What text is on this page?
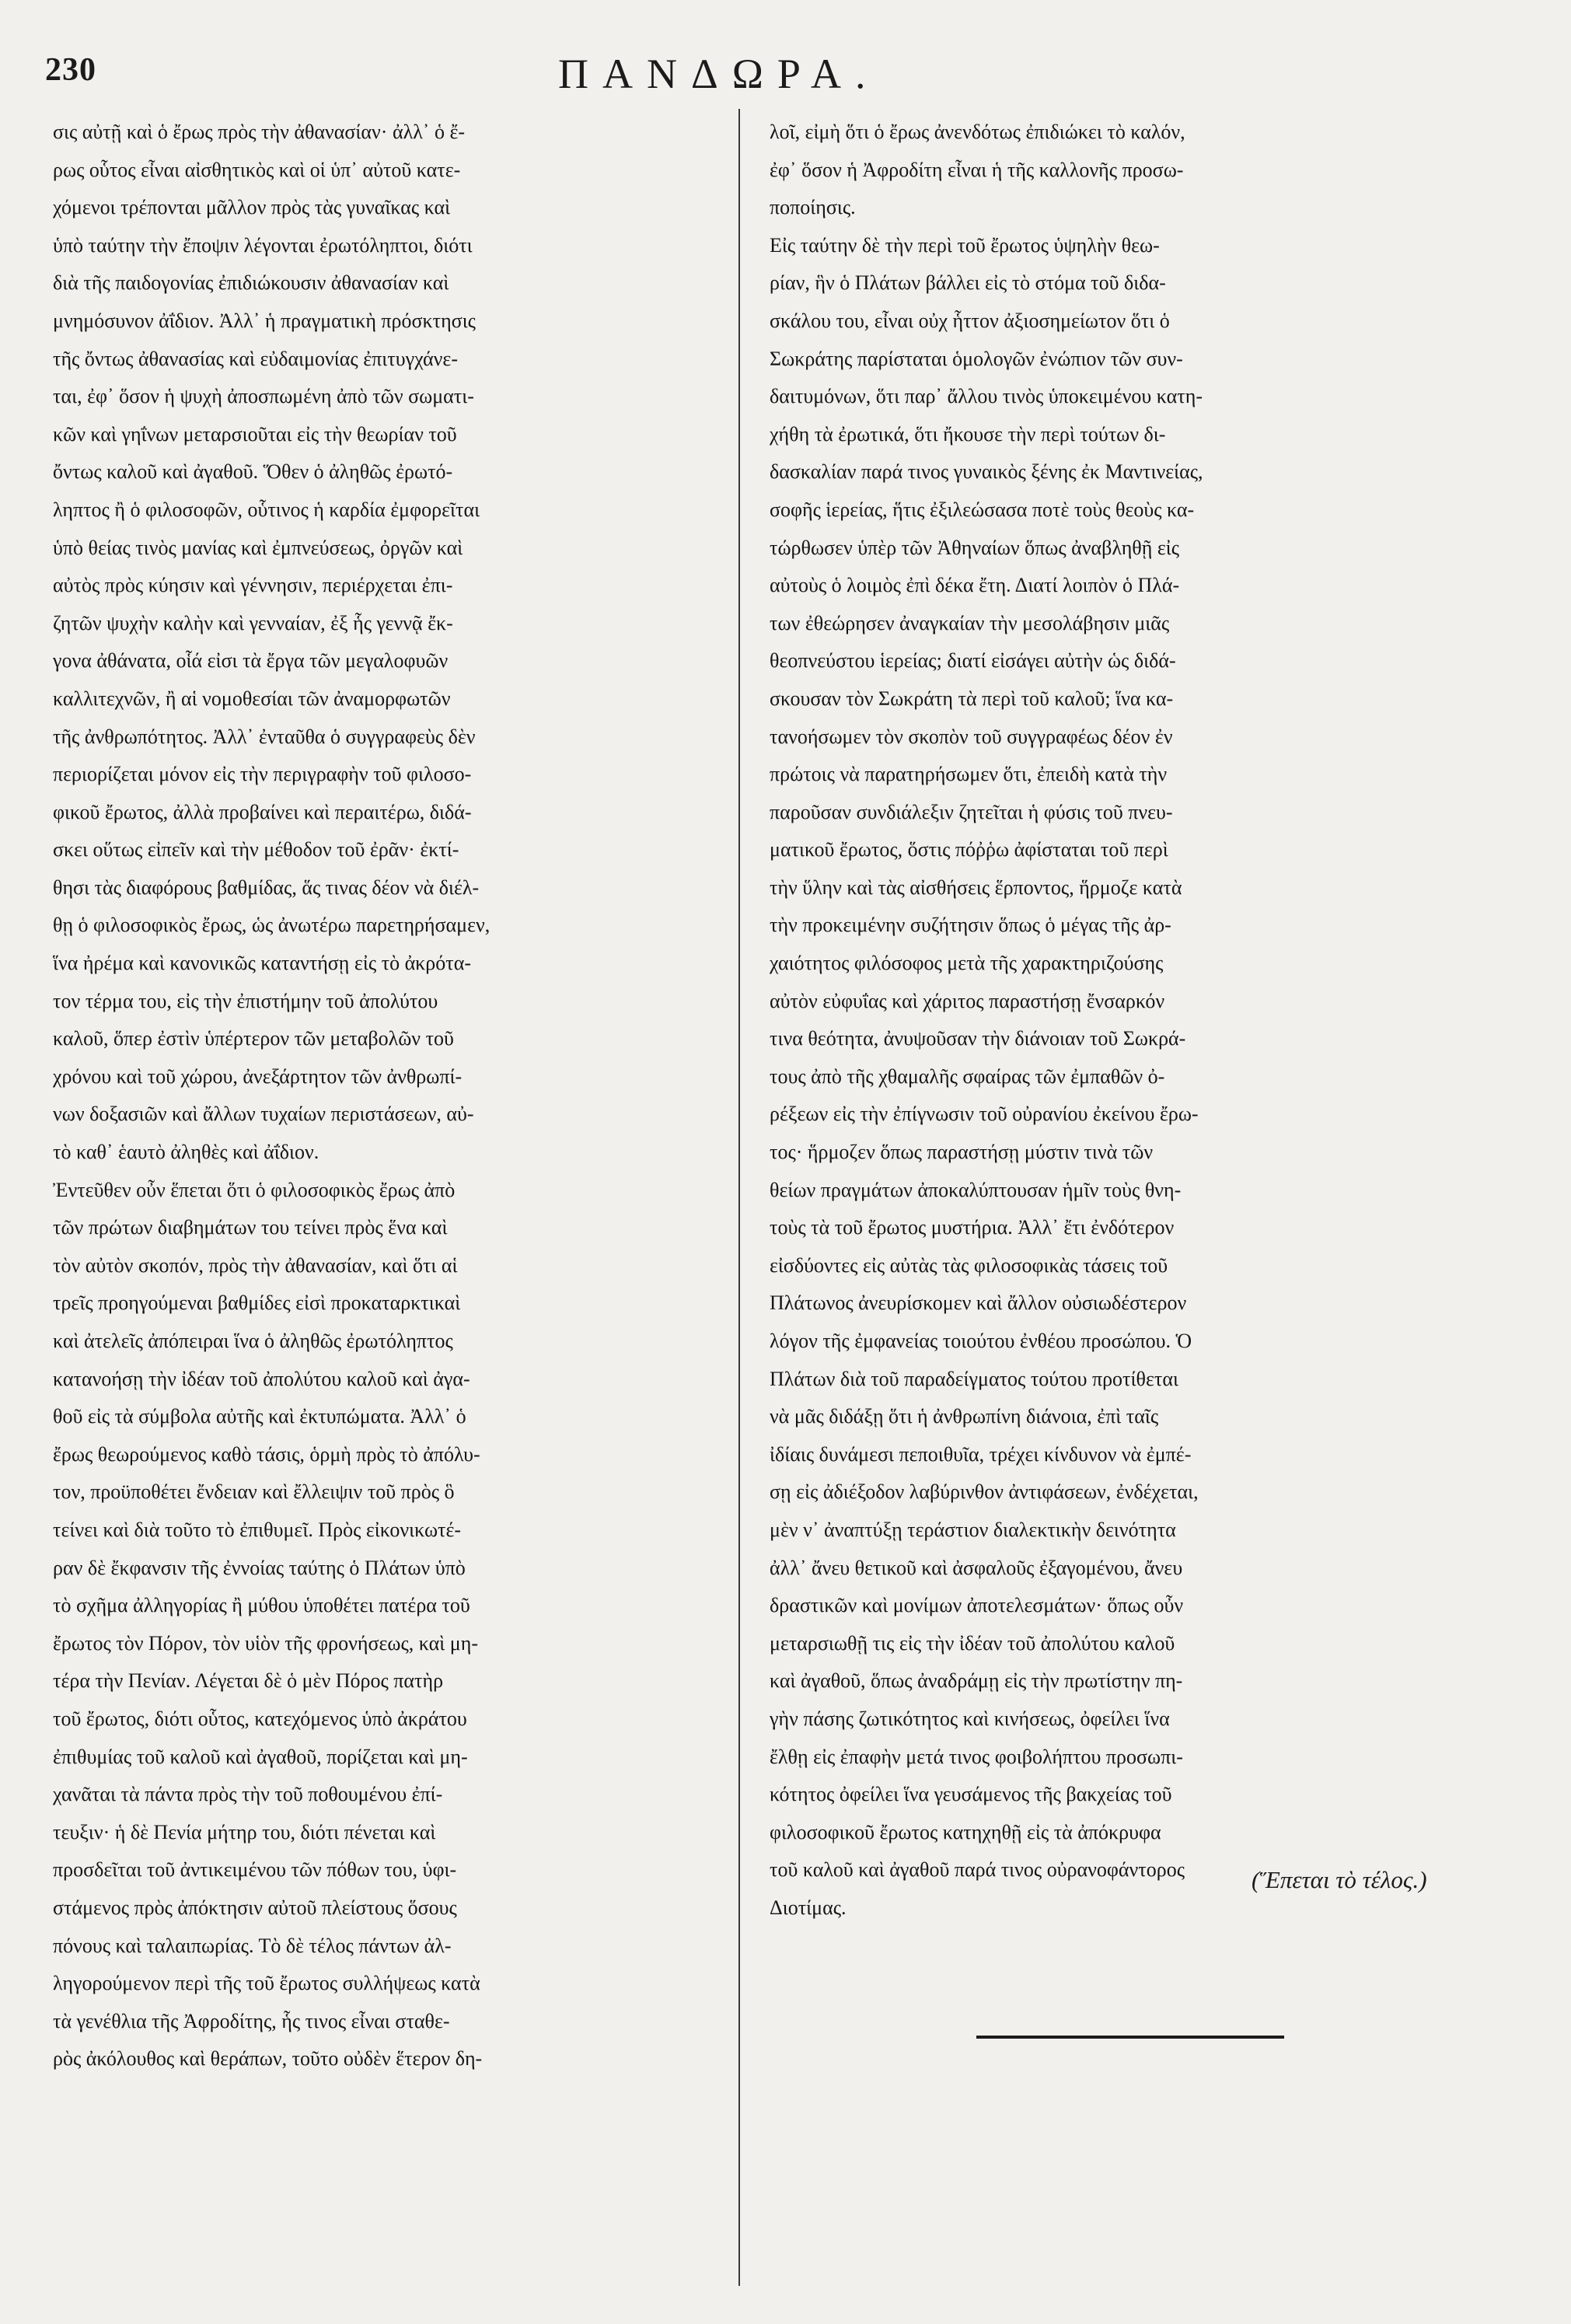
230	ΠΑΝΔΩΡΑ.
σις αὐτῇ καὶ ὁ ἔρως πρὸς τὴν ἀθανασίαν· ἀλλ᾽ ὁ ἔ-
ρως οὗτος εἶναι αἰσθητικὸς καὶ οἱ ὑπ᾽ αὐτοῦ κατε-
χόμενοι τρέπονται μᾶλλον πρὸς τὰς γυναῖκας καὶ
ὑπὸ ταύτην τὴν ἔποψιν λέγονται ἐρωτόληπτοι, διότι
διὰ τῆς παιδογονίας ἐπιδιώκουσιν ἀθανασίαν καὶ
μνημόσυνον ἀΐδιον. Ἀλλ᾽ ἡ πραγματικὴ πρόσκτησις
τῆς ὄντως ἀθανασίας καὶ εὐδαιμονίας ἐπιτυγχάνε-
ται, ἐφ᾽ ὅσον ἡ ψυχὴ ἀποσπωμένη ἀπὸ τῶν σωματι-
κῶν καὶ γηΐνων μεταρσιοῦται εἰς τὴν θεωρίαν τοῦ
ὄντως καλοῦ καὶ ἀγαθοῦ. Ὅθεν ὁ ἀληθῶς ἐρωτό-
ληπτος ἢ ὁ φιλοσοφῶν, οὗτινος ἡ καρδία ἐμφορεῖται
ὑπὸ θείας τινὸς μανίας καὶ ἐμπνεύσεως, ὀργῶν καὶ
αὐτὸς πρὸς κύησιν καὶ γέννησιν, περιέρχεται ἐπι-
ζητῶν ψυχὴν καλὴν καὶ γενναίαν, ἐξ ἧς γεννᾷ ἔκ-
γονα ἀθάνατα, οἷά εἰσι τὰ ἔργα τῶν μεγαλοφυῶν
καλλιτεχνῶν, ἢ αἱ νομοθεσίαι τῶν ἀναμορφωτῶν
τῆς ἀνθρωπότητος. Ἀλλ᾽ ἐνταῦθα ὁ συγγραφεὺς δὲν
περιορίζεται μόνον εἰς τὴν περιγραφὴν τοῦ φιλοσο-
φικοῦ ἔρωτος, ἀλλὰ προβαίνει καὶ περαιτέρω, διδά-
σκει οὕτως εἰπεῖν καὶ τὴν μέθοδον τοῦ ἐρᾶν· ἐκτί-
θησι τὰς διαφόρους βαθμίδας, ἅς τινας δέον νὰ διέλ-
θῃ ὁ φιλοσοφικὸς ἔρως, ὡς ἀνωτέρω παρετηρήσαμεν,
ἵνα ἠρέμα καὶ κανονικῶς καταντήσῃ εἰς τὸ ἀκρότα-
τον τέρμα του, εἰς τὴν ἐπιστήμην τοῦ ἀπολύτου
καλοῦ, ὅπερ ἐστὶν ὑπέρτερον τῶν μεταβολῶν τοῦ
χρόνου καὶ τοῦ χώρου, ἀνεξάρτητον τῶν ἀνθρωπί-
νων δοξασιῶν καὶ ἄλλων τυχαίων περιστάσεων, αὐ-
τὸ καθ᾽ ἑαυτὸ ἀληθὲς καὶ ἀΐδιον.
Ἐντεῦθεν οὖν ἕπεται ὅτι ὁ φιλοσοφικὸς ἔρως ἀπὸ
τῶν πρώτων διαβημάτων του τείνει πρὸς ἕνα καὶ
τὸν αὐτὸν σκοπόν, πρὸς τὴν ἀθανασίαν, καὶ ὅτι αἱ
τρεῖς προηγούμεναι βαθμίδες εἰσὶ προκαταρκτικαὶ
καὶ ἀτελεῖς ἀπόπειραι ἵνα ὁ ἀληθῶς ἐρωτόληπτος
κατανοήσῃ τὴν ἰδέαν τοῦ ἀπολύτου καλοῦ καὶ ἀγα-
θοῦ εἰς τὰ σύμβολα αὐτῆς καὶ ἐκτυπώματα. Ἀλλ᾽ ὁ
ἔρως θεωρούμενος καθὸ τάσις, ὁρμὴ πρὸς τὸ ἀπόλυ-
τον, προϋποθέτει ἔνδειαν καὶ ἔλλειψιν τοῦ πρὸς ὃ
τείνει καὶ διὰ τοῦτο τὸ ἐπιθυμεῖ. Πρὸς εἰκονικωτέ-
ραν δὲ ἔκφανσιν τῆς ἐννοίας ταύτης ὁ Πλάτων ὑπὸ
τὸ σχῆμα ἀλληγορίας ἢ μύθου ὑποθέτει πατέρα τοῦ
ἔρωτος τὸν Πόρον, τὸν υἱὸν τῆς φρονήσεως, καὶ μη-
τέρα τὴν Πενίαν. Λέγεται δὲ ὁ μὲν Πόρος πατὴρ
τοῦ ἔρωτος, διότι οὗτος, κατεχόμενος ὑπὸ ἀκράτου
ἐπιθυμίας τοῦ καλοῦ καὶ ἀγαθοῦ, πορίζεται καὶ μη-
χανᾶται τὰ πάντα πρὸς τὴν τοῦ ποθουμένου ἐπί-
τευξιν· ἡ δὲ Πενία μήτηρ του, διότι πένεται καὶ
προσδεῖται τοῦ ἀντικειμένου τῶν πόθων του, ὑφι-
στάμενος πρὸς ἀπόκτησιν αὐτοῦ πλείστους ὅσους
πόνους καὶ ταλαιπωρίας. Τὸ δὲ τέλος πάντων ἀλ-
ληγορούμενον περὶ τῆς τοῦ ἔρωτος συλλήψεως κατὰ
τὰ γενέθλια τῆς Ἀφροδίτης, ἧς τινος εἶναι σταθε-
ρὸς ἀκόλουθος καὶ θεράπων, τοῦτο οὐδὲν ἕτερον δη-
λοῖ, εἰμὴ ὅτι ὁ ἔρως ἀνενδότως ἐπιδιώκει τὸ καλόν,
ἐφ᾽ ὅσον ἡ Ἀφροδίτη εἶναι ἡ τῆς καλλονῆς προσω-
ποποίησις.
Εἰς ταύτην δὲ τὴν περὶ τοῦ ἔρωτος ὑψηλὴν θεω-
ρίαν, ἣν ὁ Πλάτων βάλλει εἰς τὸ στόμα τοῦ διδα-
σκάλου του, εἶναι οὐχ ἧττον ἀξιοσημείωτον ὅτι ὁ
Σωκράτης παρίσταται ὁμολογῶν ἐνώπιον τῶν συν-
δαιτυμόνων, ὅτι παρ᾽ ἄλλου τινὸς ὑποκειμένου κατη-
χήθη τὰ ἐρωτικά, ὅτι ἤκουσε τὴν περὶ τούτων δι-
δασκαλίαν παρά τινος γυναικὸς ξένης ἐκ Μαντινείας,
σοφῆς ἱερείας, ἥτις ἐξιλεώσασα ποτὲ τοὺς θεοὺς κα-
τώρθωσεν ὑπὲρ τῶν Ἀθηναίων ὅπως ἀναβληθῇ εἰς
αὐτοὺς ὁ λοιμὸς ἐπὶ δέκα ἔτη. Διατί λοιπὸν ὁ Πλά-
των ἐθεώρησεν ἀναγκαίαν τὴν μεσολάβησιν μιᾶς
θεοπνεύστου ἱερείας; διατί εἰσάγει αὐτὴν ὡς διδά-
σκουσαν τὸν Σωκράτη τὰ περὶ τοῦ καλοῦ; ἵνα κα-
τανοήσωμεν τὸν σκοπὸν τοῦ συγγραφέως δέον ἐν
πρώτοις νὰ παρατηρήσωμεν ὅτι, ἐπειδὴ κατὰ τὴν
παροῦσαν συνδιάλεξιν ζητεῖται ἡ φύσις τοῦ πνευ-
ματικοῦ ἔρωτος, ὅστις πόῤῥω ἀφίσταται τοῦ περὶ
τὴν ὕλην καὶ τὰς αἰσθήσεις ἕρποντος, ἥρμοζε κατὰ
τὴν προκειμένην συζήτησιν ὅπως ὁ μέγας τῆς ἀρ-
χαιότητος φιλόσοφος μετὰ τῆς χαρακτηριζούσης
αὐτὸν εὐφυΐας καὶ χάριτος παραστήσῃ ἔνσαρκόν
τινα θεότητα, ἀνυψοῦσαν τὴν διάνοιαν τοῦ Σωκρά-
τους ἀπὸ τῆς χθαμαλῆς σφαίρας τῶν ἐμπαθῶν ὀ-
ρέξεων εἰς τὴν ἐπίγνωσιν τοῦ οὐρανίου ἐκείνου ἔρω-
τος· ἥρμοζεν ὅπως παραστήσῃ μύστιν τινὰ τῶν
θείων πραγμάτων ἀποκαλύπτουσαν ἡμῖν τοὺς θνη-
τοὺς τὰ τοῦ ἔρωτος μυστήρια. Ἀλλ᾽ ἔτι ἐνδότερον
εἰσδύοντες εἰς αὐτὰς τὰς φιλοσοφικὰς τάσεις τοῦ
Πλάτωνος ἀνευρίσκομεν καὶ ἄλλον οὐσιωδέστερον
λόγον τῆς ἐμφανείας τοιούτου ἐνθέου προσώπου. Ὁ
Πλάτων διὰ τοῦ παραδείγματος τούτου προτίθεται
νὰ μᾶς διδάξῃ ὅτι ἡ ἀνθρωπίνη διάνοια, ἐπὶ ταῖς
ἰδίαις δυνάμεσι πεποιθυῖα, τρέχει κίνδυνον νὰ ἐμπέ-
σῃ εἰς ἀδιέξοδον λαβύρινθον ἀντιφάσεων, ἐνδέχεται,
μὲν ν᾽ ἀναπτύξῃ τεράστιον διαλεκτικὴν δεινότητα
ἀλλ᾽ ἄνευ θετικοῦ καὶ ἀσφαλοῦς ἐξαγομένου, ἄνευ
δραστικῶν καὶ μονίμων ἀποτελεσμάτων· ὅπως οὖν
μεταρσιωθῇ τις εἰς τὴν ἰδέαν τοῦ ἀπολύτου καλοῦ
καὶ ἀγαθοῦ, ὅπως ἀναδράμῃ εἰς τὴν πρωτίστην πη-
γὴν πάσης ζωτικότητος καὶ κινήσεως, ὀφείλει ἵνα
ἔλθῃ εἰς ἐπαφὴν μετά τινος φοιβολήπτου προσωπι-
κότητος ὀφείλει ἵνα γευσάμενος τῆς βακχείας τοῦ
φιλοσοφικοῦ ἔρωτος κατηχηθῇ εἰς τὰ ἀπόκρυφα
τοῦ καλοῦ καὶ ἀγαθοῦ παρά τινος οὐρανοφάντορος
Διοτίμας.
(Ἕπεται τὸ τέλος.)
